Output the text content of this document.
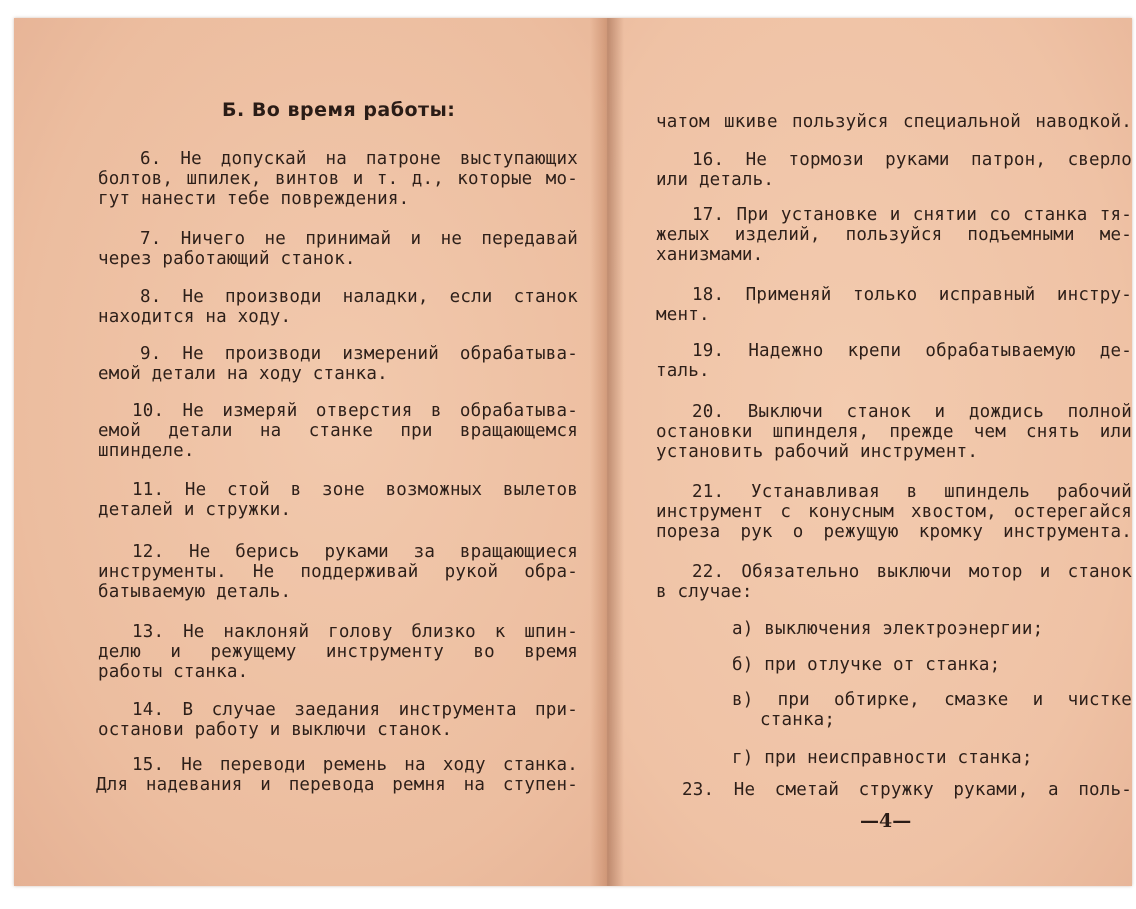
Б. Во время работы:
6. Не допускай на патроне выступающих
болтов, шпилек, винтов и т. д., которые мо-
гут нанести тебе повреждения.
7. Ничего не принимай и не передавай
через работающий станок.
8. Не производи наладки, если станок
находится на ходу.
9. Не производи измерений обрабатыва-
емой детали на ходу станка.
10. Не измеряй отверстия в обрабатыва-
емой детали на станке при вращающемся
шпинделе.
11. Не стой в зоне возможных вылетов
деталей и стружки.
12. Не берись руками за вращающиеся
инструменты. Не поддерживай рукой обра-
батываемую деталь.
13. Не наклоняй голову близко к шпин-
делю и режущему инструменту во время
работы станка.
14. В случае заедания инструмента при-
останови работу и выключи станок.
15. Не переводи ремень на ходу станка.
Для надевания и перевода ремня на ступен-
чатом шкиве пользуйся специальной наводкой.
16. Не тормози руками патрон, сверло
или деталь.
17. При установке и снятии со станка тя-
желых изделий, пользуйся подъемными ме-
ханизмами.
18. Применяй только исправный инстру-
мент.
19. Надежно крепи обрабатываемую де-
таль.
20. Выключи станок и дождись полной
остановки шпинделя, прежде чем снять или
установить рабочий инструмент.
21. Устанавливая в шпиндель рабочий
инструмент с конусным хвостом, остерегайся
пореза рук о режущую кромку инструмента.
22. Обязательно выключи мотор и станок
в случае:
а) выключения электроэнергии;
б) при отлучке от станка;
в) при обтирке, смазке и чистке
станка;
г) при неисправности станка;
23. Не сметай стружку руками, а поль-
—4—
